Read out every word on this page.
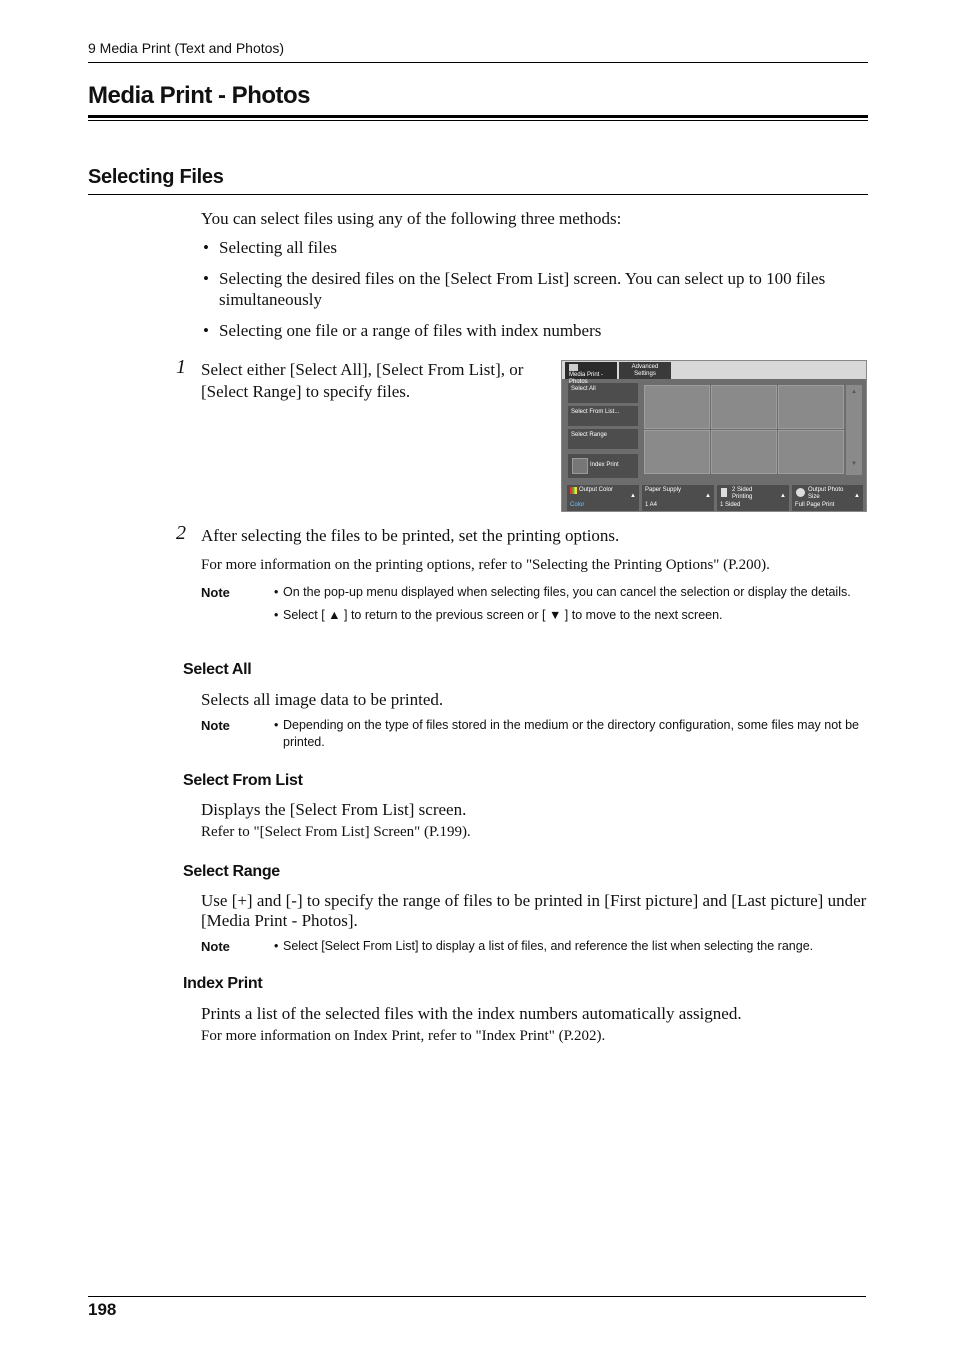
9 Media Print (Text and Photos)
Media Print - Photos
Selecting Files
You can select files using any of the following three methods:
• Selecting all files
• Selecting the desired files on the [Select From List] screen. You can select up to 100 files simultaneously
• Selecting one file or a range of files with index numbers
1 Select either [Select All], [Select From List], or [Select Range] to specify files.
Media Print -
Advanced Settings
Select All
Select From List...
Select Range
Index Print
▲
▼
Output Color
Color
▲
Paper Supply
1 A4
▲
2 Sided Printing
1 Sided
▲
Output Photo Size
Full Page Print
▲
2 After selecting the files to be printed, set the printing options.
For more information on the printing options, refer to "Selecting the Printing Options" (P.200).
Note	• On the pop-up menu displayed when selecting files, you can cancel the selection or display the details.
• Select [ ▲ ] to return to the previous screen or [ ▼ ] to move to the next screen.
Select All
Selects all image data to be printed.
Note	• Depending on the type of files stored in the medium or the directory configuration, some files may not be printed.
Select From List
Displays the [Select From List] screen.
Refer to "[Select From List] Screen" (P.199).
Select Range
Use [+] and [-] to specify the range of files to be printed in [First picture] and [Last picture] under [Media Print - Photos].
Note	• Select [Select From List] to display a list of files, and reference the list when selecting the range.
Index Print
Prints a list of the selected files with the index numbers automatically assigned.
For more information on Index Print, refer to "Index Print" (P.202).
198
